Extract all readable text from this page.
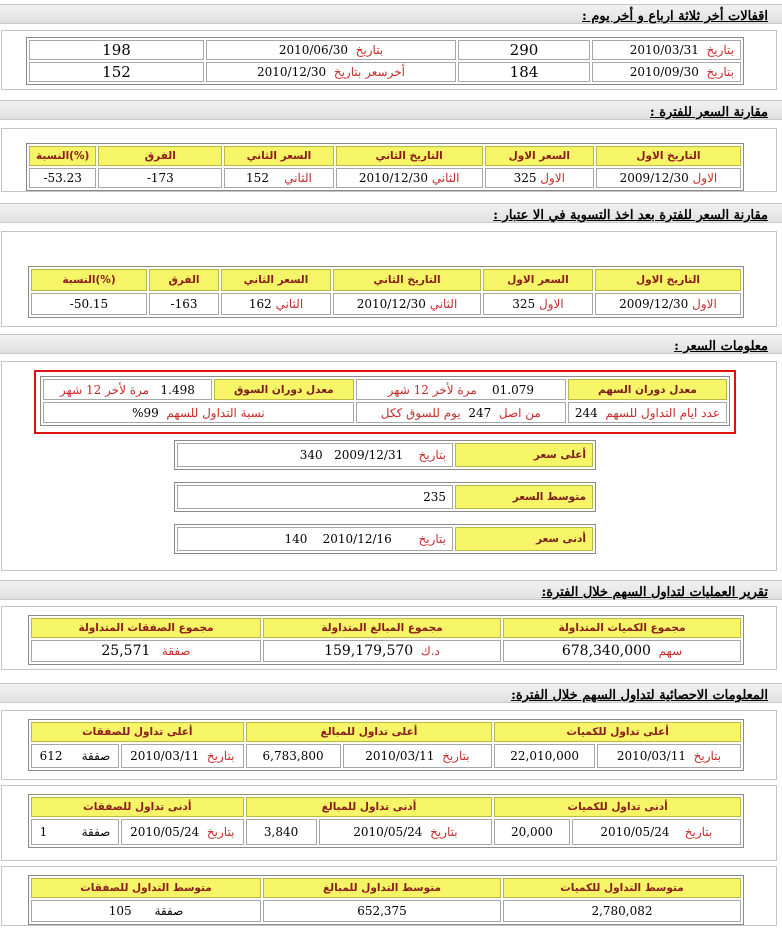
اقفالات أخر ثلاثة ارباع و أخر يوم :
بتاريخ  2010/03/31	290	بتاريخ  2010/06/30	198
بتاريخ  2010/09/30	184	أخرسعر بتاريخ  2010/12/30	152
مقارنة السعر للفترة :
التاريخ الاول	السعر الاول	التاريخ الثاني	السعر الثاني	الفرق	(%)النسبة
الاول 2009/12/30	الاول 325	الثاني 2010/12/30	الثاني    152	-173	-53.23
مقارنة السعر للفترة بعد اخذ التسوية في الا عتبار :
التاريخ الاول	السعر الاول	التاريخ الثاني	السعر الثاني	الفرق	(%)النسبة
الاول 2009/12/30	الاول 325	الثاني 2010/12/30	الثاني 162	-163	-50.15
معلومات السعر :
معدل دوران السهم	01.079    مرة لأخر 12 شهر	معدل دوران السوق	1.498   مرة لأخر 12 شهر
عدد ايام التداول للسهم  244	من اصل  247  يوم للسوق ككل	نسبة التداول للسهم  99%	
أعلى سعر	بتاريخ    2009/12/31   340
متوسط السعر	235
أدنى سعر	بتاريخ       2010/12/16    140
تقرير العمليات لتداول السهم خلال الفترة:
مجموع الكميات المتداولة	مجموع المبالغ المتداولة	مجموع الصفقات المتداولة
سهم  678,340,000	د.ك  159,179,570	صفقة   25,571
المعلومات الاحصائية لتداول السهم خلال الفترة:
أعلى تداول للكميات		أعلى تداول للمبالغ		أعلى تداول للصفقات	
بتاريخ  2010/03/11	22,010,000	بتاريخ  2010/03/11	6,783,800	بتاريخ  2010/03/11	صفقة     612
أدنى تداول للكميات		أدنى تداول للمبالغ		أدنى تداول للصفقات	
بتاريخ    2010/05/24	20,000	بتاريخ  2010/05/24	3,840	بتاريخ  2010/05/24	صفقة         1
متوسط التداول للكميات	متوسط التداول للمبالغ	متوسط التداول للصفقات
2,780,082	652,375	صفقة      105
